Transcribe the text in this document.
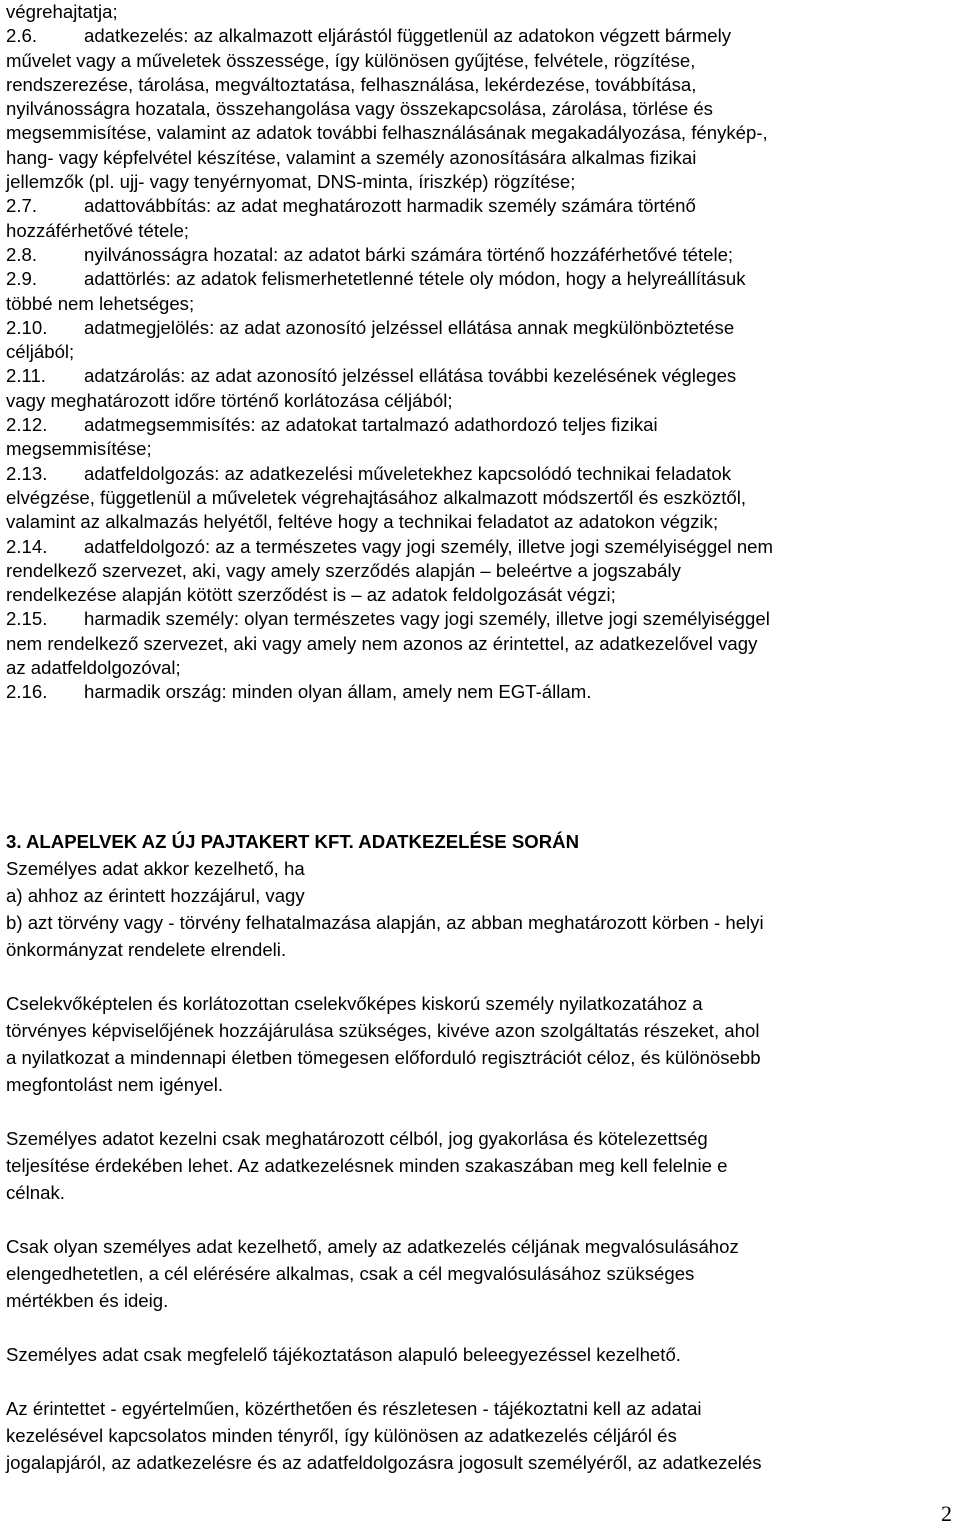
végrehajtatja;
2.6.	adatkezelés: az alkalmazott eljárástól függetlenül az adatokon végzett bármely
művelet vagy a műveletek összessége, így különösen gyűjtése, felvétele, rögzítése,
rendszerezése, tárolása, megváltoztatása, felhasználása, lekérdezése, továbbítása,
nyilvánosságra hozatala, összehangolása vagy összekapcsolása, zárolása, törlése és
megsemmisítése, valamint az adatok további felhasználásának megakadályozása, fénykép-,
hang- vagy képfelvétel készítése, valamint a személy azonosítására alkalmas fizikai
jellemzők (pl. ujj- vagy tenyérnyomat, DNS-minta, íriszkép) rögzítése;
2.7.	adattovábbítás: az adat meghatározott harmadik személy számára történő
hozzáférhetővé tétele;
2.8.	nyilvánosságra hozatal: az adatot bárki számára történő hozzáférhetővé tétele;
2.9.	adattörlés: az adatok felismerhetetlenné tétele oly módon, hogy a helyreállításuk
többé nem lehetséges;
2.10. adatmegjelölés: az adat azonosító jelzéssel ellátása annak megkülönböztetése
céljából;
2.11. adatzárolás: az adat azonosító jelzéssel ellátása további kezelésének végleges
vagy meghatározott időre történő korlátozása céljából;
2.12. adatmegsemmisítés: az adatokat tartalmazó adathordozó teljes fizikai
megsemmisítése;
2.13. adatfeldolgozás: az adatkezelési műveletekhez kapcsolódó technikai feladatok
elvégzése, függetlenül a műveletek végrehajtásához alkalmazott módszertől és eszköztől,
valamint az alkalmazás helyétől, feltéve hogy a technikai feladatot az adatokon végzik;
2.14. adatfeldolgozó: az a természetes vagy jogi személy, illetve jogi személyiséggel nem
rendelkező szervezet, aki, vagy amely szerződés alapján – beleértve a jogszabály
rendelkezése alapján kötött szerződést is – az adatok feldolgozását végzi;
2.15. harmadik személy: olyan természetes vagy jogi személy, illetve jogi személyiséggel
nem rendelkező szervezet, aki vagy amely nem azonos az érintettel, az adatkezelővel vagy
az adatfeldolgozóval;
2.16. harmadik ország: minden olyan állam, amely nem EGT-állam.
3. ALAPELVEK AZ ÚJ PAJTAKERT KFT. ADATKEZELÉSE SORÁN
Személyes adat akkor kezelhető, ha
a) ahhoz az érintett hozzájárul, vagy
b) azt törvény vagy - törvény felhatalmazása alapján, az abban meghatározott körben - helyi
önkormányzat rendelete elrendeli.
Cselekvőképtelen és korlátozottan cselekvőképes kiskorú személy nyilatkozatához a
törvényes képviselőjének hozzájárulása szükséges, kivéve azon szolgáltatás részeket, ahol
a nyilatkozat a mindennapi életben tömegesen előforduló regisztrációt céloz, és különösebb
megfontolást nem igényel.
Személyes adatot kezelni csak meghatározott célból, jog gyakorlása és kötelezettség
teljesítése érdekében lehet. Az adatkezelésnek minden szakaszában meg kell felelnie e
célnak.
Csak olyan személyes adat kezelhető, amely az adatkezelés céljának megvalósulásához
elengedhetetlen, a cél elérésére alkalmas, csak a cél megvalósulásához szükséges
mértékben és ideig.
Személyes adat csak megfelelő tájékoztatáson alapuló beleegyezéssel kezelhető.
Az érintettet - egyértelműen, közérthetően és részletesen - tájékoztatni kell az adatai
kezelésével kapcsolatos minden tényről, így különösen az adatkezelés céljáról és
jogalapjáról, az adatkezelésre és az adatfeldolgozásra jogosult személyéről, az adatkezelés
2
